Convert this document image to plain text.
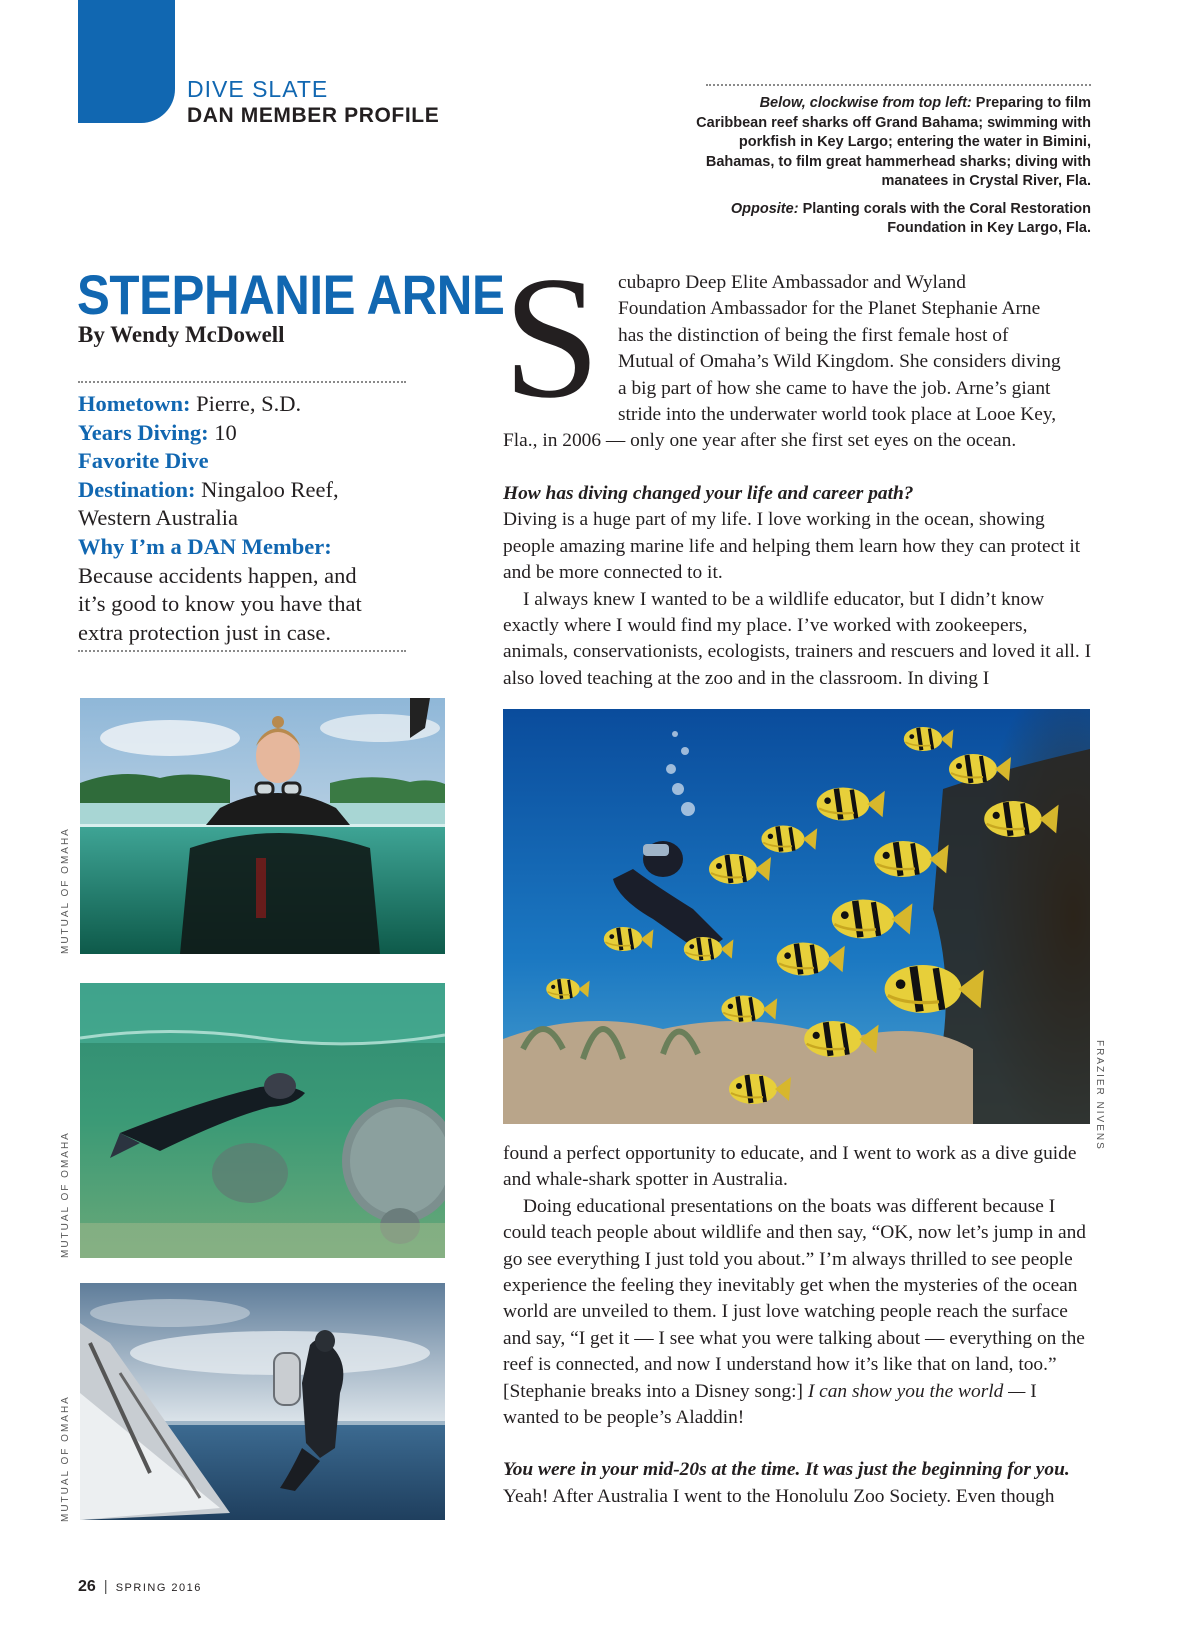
DIVE SLATE
DAN MEMBER PROFILE

Below, clockwise from top left: Preparing to film Caribbean reef sharks off Grand Bahama; swimming with porkfish in Key Largo; entering the water in Bimini, Bahamas, to film great hammerhead sharks; diving with manatees in Crystal River, Fla.

Opposite: Planting corals with the Coral Restoration Foundation in Key Largo, Fla.

STEPHANIE ARNE
By Wendy McDowell
Hometown: Pierre, S.D.
Years Diving: 10
Favorite Dive
Destination: Ningaloo Reef,
Western Australia
Why I’m a DAN Member:
Because accidents happen, and
it’s good to know you have that
extra protection just in case.
MUTUAL OF OMAHA
MUTUAL OF OMAHA
MUTUAL OF OMAHA
FRAZIER NIVENS
S cubapro Deep Elite Ambassador and Wyland

Foundation Ambassador for the Planet Stephanie Arne

has the distinction of being the first female host of

Mutual of Omaha’s Wild Kingdom. She considers diving

a big part of how she came to have the job. Arne’s giant

stride into the underwater world took place at Looe Key,

Fla., in 2006 — only one year after she first set eyes on the ocean.

How has diving changed your life and career path?

Diving is a huge part of my life. I love working in the ocean, showing people amazing marine life and helping them learn how they can protect it and be more connected to it.

I always knew I wanted to be a wildlife educator, but I didn’t know exactly where I would find my place. I’ve worked with zookeepers, animals, conservationists, ecologists, trainers and rescuers and loved it all. I also loved teaching at the zoo and in the classroom. In diving I

found a perfect opportunity to educate, and I went to work as a dive guide and whale-shark spotter in Australia.

Doing educational presentations on the boats was different because I could teach people about wildlife and then say, “OK, now let’s jump in and go see everything I just told you about.” I’m always thrilled to see people experience the feeling they inevitably get when the mysteries of the ocean world are unveiled to them. I just love watching people reach the surface and say, “I get it — I see what you were talking about — everything on the reef is connected, and now I understand how it’s like that on land, too.” [Stephanie breaks into a Disney song:] I can show you the world — I wanted to be people’s Aladdin!

You were in your mid-20s at the time. It was just the beginning for you.

Yeah! After Australia I went to the Honolulu Zoo Society. Even though

26 | SPRING 2016
